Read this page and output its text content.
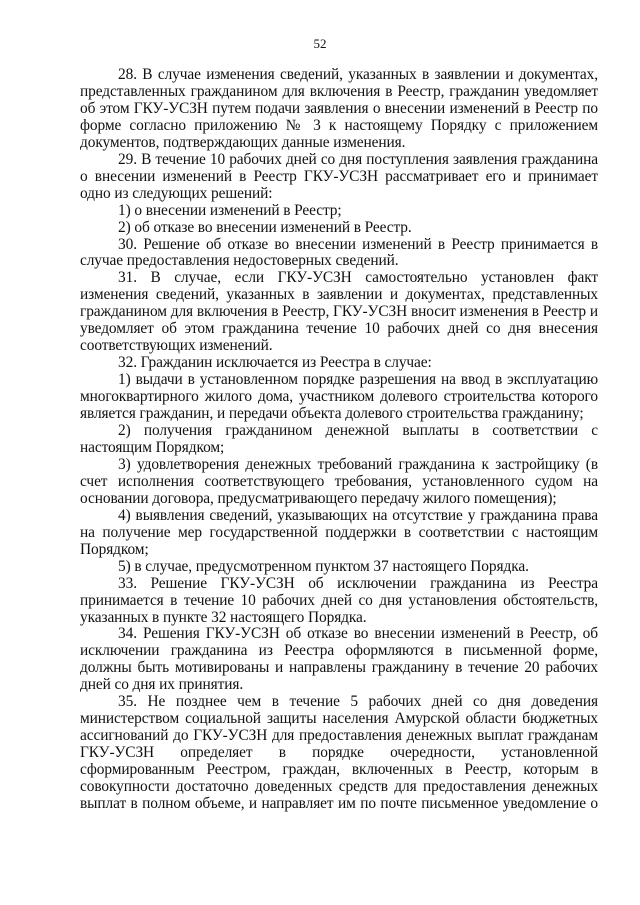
52

28. В случае изменения сведений, указанных в заявлении и документах, представленных гражданином для включения в Реестр, гражданин уведомляет об этом ГКУ-УСЗН путем подачи заявления о внесении изменений в Реестр по форме согласно приложению № 3 к настоящему Порядку с приложением документов, подтверждающих данные изменения.

29. В течение 10 рабочих дней со дня поступления заявления гражданина о внесении изменений в Реестр ГКУ-УСЗН рассматривает его и принимает одно из следующих решений:

1) о внесении изменений в Реестр;

2) об отказе во внесении изменений в Реестр.

30. Решение об отказе во внесении изменений в Реестр принимается в случае предоставления недостоверных сведений.

31. В случае, если ГКУ-УСЗН самостоятельно установлен факт изменения сведений, указанных в заявлении и документах, представленных гражданином для включения в Реестр, ГКУ-УСЗН вносит изменения в Реестр и уведомляет об этом гражданина течение 10 рабочих дней со дня внесения соответствующих изменений.

32. Гражданин исключается из Реестра в случае:

1) выдачи в установленном порядке разрешения на ввод в эксплуатацию многоквартирного жилого дома, участником долевого строительства которого является гражданин, и передачи объекта долевого строительства гражданину;

2) получения гражданином денежной выплаты в соответствии с настоящим Порядком;

3) удовлетворения денежных требований гражданина к застройщику (в счет исполнения соответствующего требования, установленного судом на основании договора, предусматривающего передачу жилого помещения);

4) выявления сведений, указывающих на отсутствие у гражданина права на получение мер государственной поддержки в соответствии с настоящим Порядком;

5) в случае, предусмотренном пунктом 37 настоящего Порядка.

33. Решение ГКУ-УСЗН об исключении гражданина из Реестра принимается в течение 10 рабочих дней со дня установления обстоятельств, указанных в пункте 32 настоящего Порядка.

34. Решения ГКУ-УСЗН об отказе во внесении изменений в Реестр, об исключении гражданина из Реестра оформляются в письменной форме, должны быть мотивированы и направлены гражданину в течение 20 рабочих дней со дня их принятия.

35. Не позднее чем в течение 5 рабочих дней со дня доведения министерством социальной защиты населения Амурской области бюджетных ассигнований до ГКУ-УСЗН для предоставления денежных выплат гражданам ГКУ-УСЗН определяет в порядке очередности, установленной сформированным Реестром, граждан, включенных в Реестр, которым в совокупности достаточно доведенных средств для предоставления денежных выплат в полном объеме, и направляет им по почте письменное уведомление о
